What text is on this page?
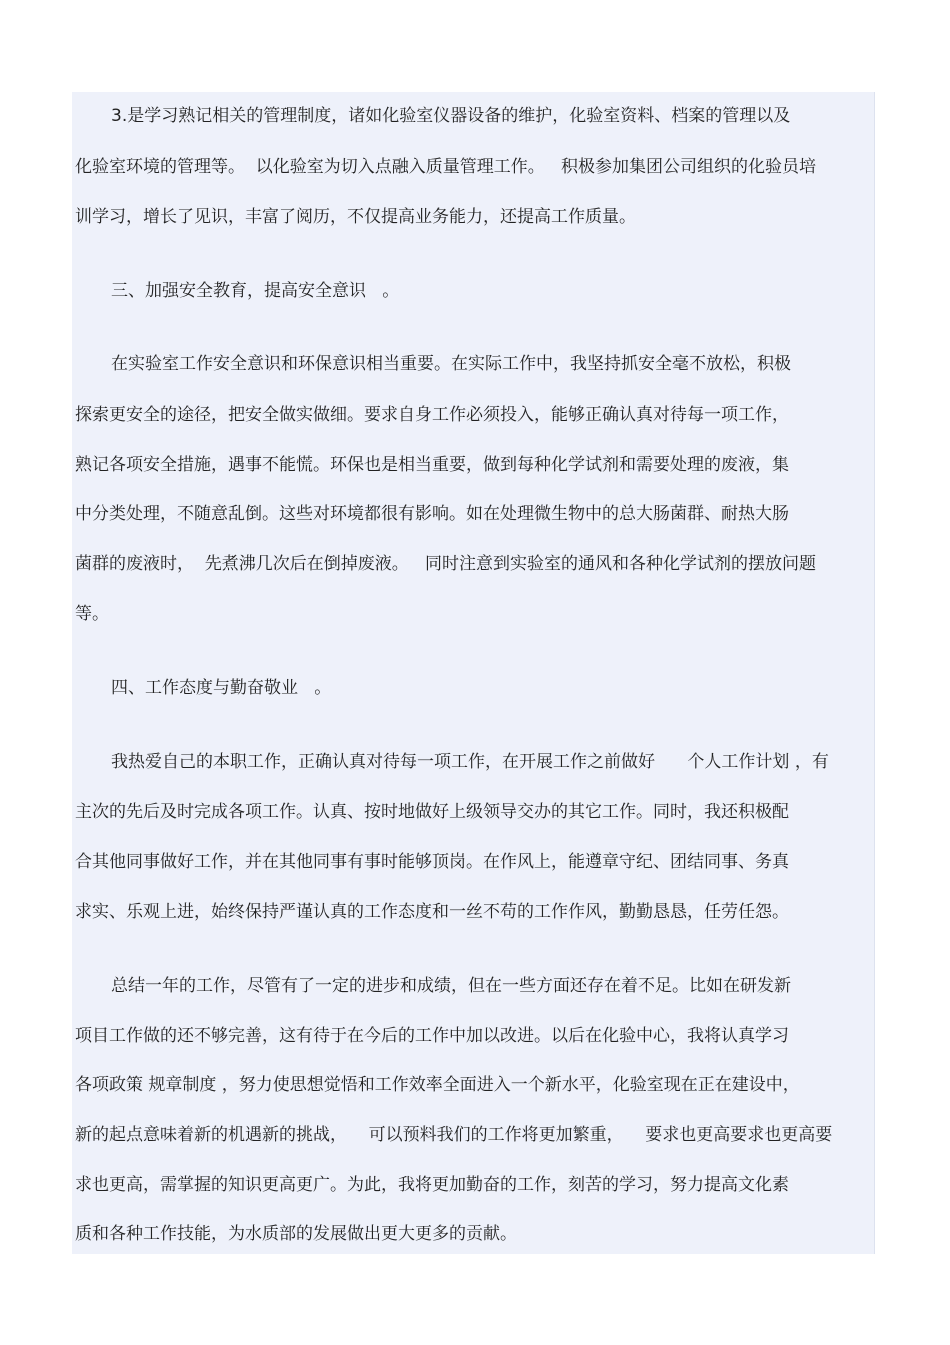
3.是学习熟记相关的管理制度，诸如化验室仪器设备的维护，化验室资料、档案的管理以及
化验室环境的管理等。  以化验室为切入点融入质量管理工作。   积极参加集团公司组织的化验员培
训学习，增长了见识，丰富了阅历，不仅提高业务能力，还提高工作质量。
三、加强安全教育，提高安全意识   。
在实验室工作安全意识和环保意识相当重要。在实际工作中，我坚持抓安全毫不放松，积极
探索更安全的途径，把安全做实做细。要求自身工作必须投入，能够正确认真对待每一项工作，
熟记各项安全措施，遇事不能慌。环保也是相当重要，做到每种化学试剂和需要处理的废液，集
中分类处理，不随意乱倒。这些对环境都很有影响。如在处理微生物中的总大肠菌群、耐热大肠
菌群的废液时，  先煮沸几次后在倒掉废液。   同时注意到实验室的通风和各种化学试剂的摆放问题
等。
四、工作态度与勤奋敬业   。
我热爱自己的本职工作，正确认真对待每一项工作，在开展工作之前做好      个人工作计划 ，有
主次的先后及时完成各项工作。认真、按时地做好上级领导交办的其它工作。同时，我还积极配
合其他同事做好工作，并在其他同事有事时能够顶岗。在作风上，能遵章守纪、团结同事、务真
求实、乐观上进，始终保持严谨认真的工作态度和一丝不苟的工作作风，勤勤恳恳，任劳任怨。
总结一年的工作，尽管有了一定的进步和成绩，但在一些方面还存在着不足。比如在研发新
项目工作做的还不够完善，这有待于在今后的工作中加以改进。以后在化验中心，我将认真学习
各项政策 规章制度 ，努力使思想觉悟和工作效率全面进入一个新水平，化验室现在正在建设中，
新的起点意味着新的机遇新的挑战，    可以预料我们的工作将更加繁重，    要求也更高要求也更高要
求也更高，需掌握的知识更高更广。为此，我将更加勤奋的工作，刻苦的学习，努力提高文化素
质和各种工作技能，为水质部的发展做出更大更多的贡献。
